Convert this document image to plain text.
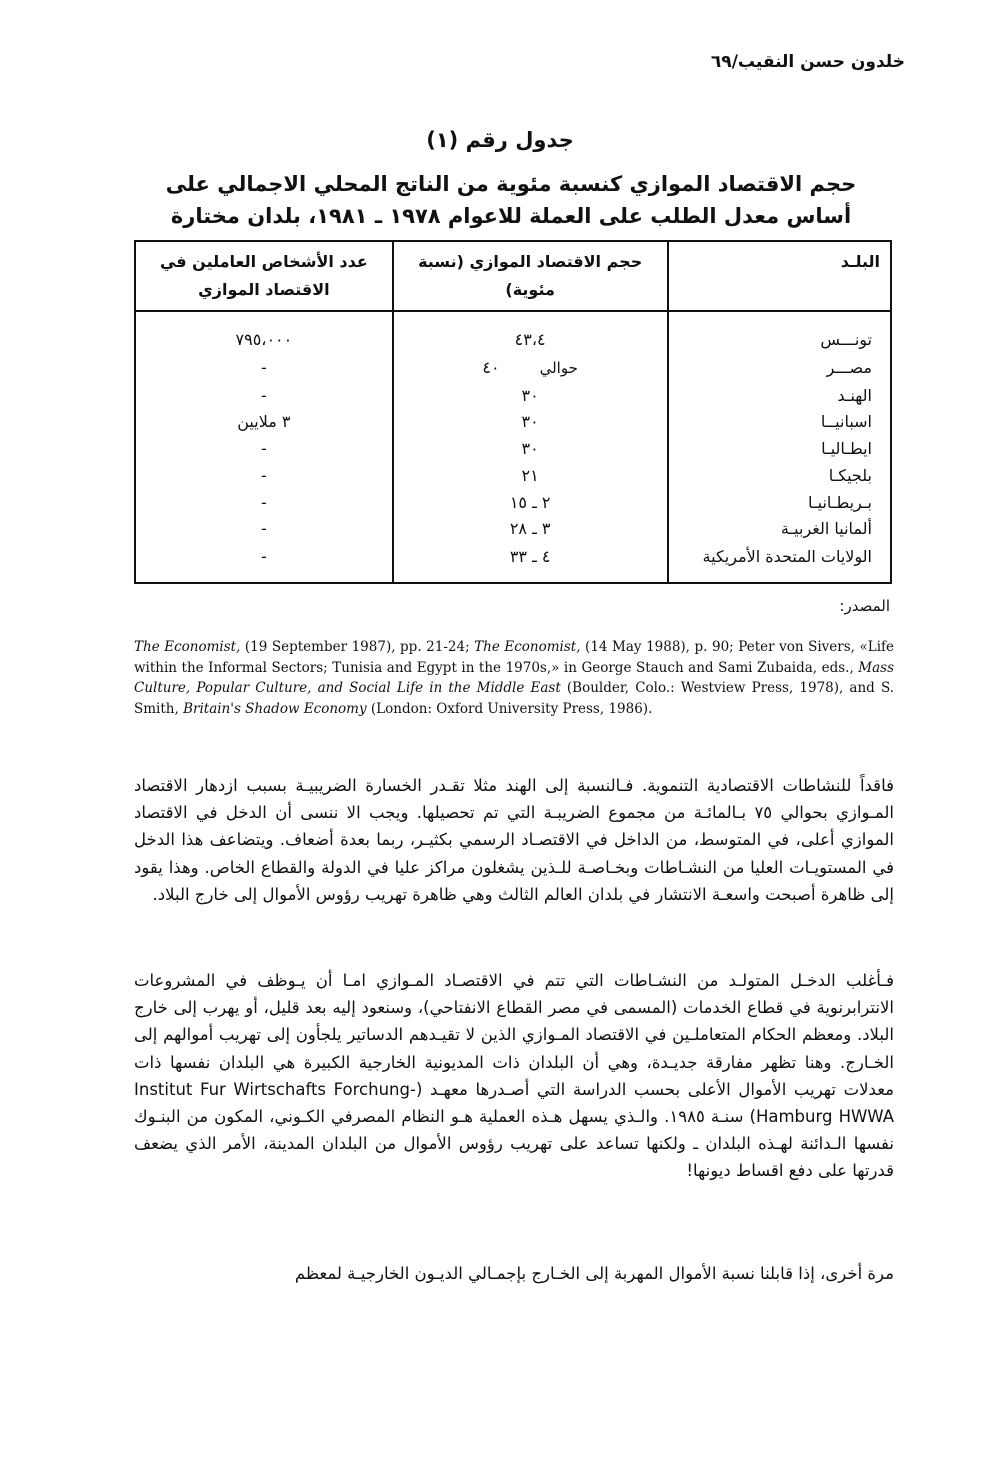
خلدون حسن النقيب/٦٩
جدول رقم (١)
حجم الاقتصاد الموازي كنسبة مئوية من الناتج المحلي الاجمالي على أساس معدل الطلب على العملة للاعوام ١٩٧٨ ـ ١٩٨١، بلدان مختارة
البلـد	حجم الاقتصاد الموازي (نسبة مئوية)	عدد الأشخاص العاملين في الاقتصاد الموازي
تونـــس	٤٣،٤	٧٩٥،٠٠٠
مصـــر	حوالي٤٠	-
الهنـد	٣٠	-
اسبانيــا	٣٠	٣ ملايين
ايطـاليـا	٣٠	-
بلجيكـا	٢١	-
بـريطـانيـا	٢ ـ ١٥	-
ألمانيا الغربيـة	٣ ـ ٢٨	-
الولايات المتحدة الأمريكية	٤ ـ ٣٣	-
المصدر:
The Economist, (19 September 1987), pp. 21-24; The Economist, (14 May 1988), p. 90; Peter von Sivers, «Life within the Informal Sectors; Tunisia and Egypt in the 1970s,» in George Stauch and Sami Zubaida, eds., Mass Culture, Popular Culture, and Social Life in the Middle East (Boulder, Colo.: Westview Press, 1978), and S. Smith, Britain's Shadow Economy (London: Oxford University Press, 1986).
فاقداً للنشاطات الاقتصادية التنموية. فـالنسبة إلى الهند مثلا تقـدر الخسارة الضريبيـة بسبب ازدهار الاقتصاد المـوازي بحوالي ٧٥ بـالمائـة من مجموع الضريبـة التي تم تحصيلها. ويجب الا ننسى أن الدخل في الاقتصاد الموازي أعلى، في المتوسط، من الداخل في الاقتصـاد الرسمي بكثيـر، ربما بعدة أضعاف. ويتضاعف هذا الدخل في المستويـات العليا من النشـاطات وبخـاصـة للـذين يشغلون مراكز عليا في الدولة والقطاع الخاص. وهذا يقود إلى ظاهرة أصبحت واسعـة الانتشار في بلدان العالم الثالث وهي ظاهرة تهريب رؤوس الأموال إلى خارج البلاد.
فـأغلب الدخـل المتولـد من النشـاطات التي تتم في الاقتصـاد المـوازي امـا أن يـوظف في المشروعات الانترابرنوية في قطاع الخدمات (المسمى في مصر القطاع الانفتاحي)، وسنعود إليه بعد قليل، أو يهرب إلى خارج البلاد. ومعظم الحكام المتعاملـين في الاقتصاد المـوازي الذين لا تقيـدهم الدساتير يلجأون إلى تهريب أموالهم إلى الخـارج. وهنا تظهر مفارقة جديـدة، وهي أن البلدان ذات المديونية الخارجية الكبيرة هي البلدان نفسها ذات معدلات تهريب الأموال الأعلى بحسب الدراسة التي أصـدرها معهـد (Institut Fur Wirtschafts Forchung-Hamburg HWWA) سنـة ١٩٨٥. والـذي يسهل هـذه العملية هـو النظام المصرفي الكـوني، المكون من البنـوك نفسها الـدائنة لهـذه البلدان ـ ولكنها تساعد على تهريب رؤوس الأموال من البلدان المدينة، الأمر الذي يضعف قدرتها على دفع اقساط ديونها!
مرة أخرى، إذا قابلنا نسبة الأموال المهربة إلى الخـارج بإجمـالي الديـون الخارجيـة لمعظم
